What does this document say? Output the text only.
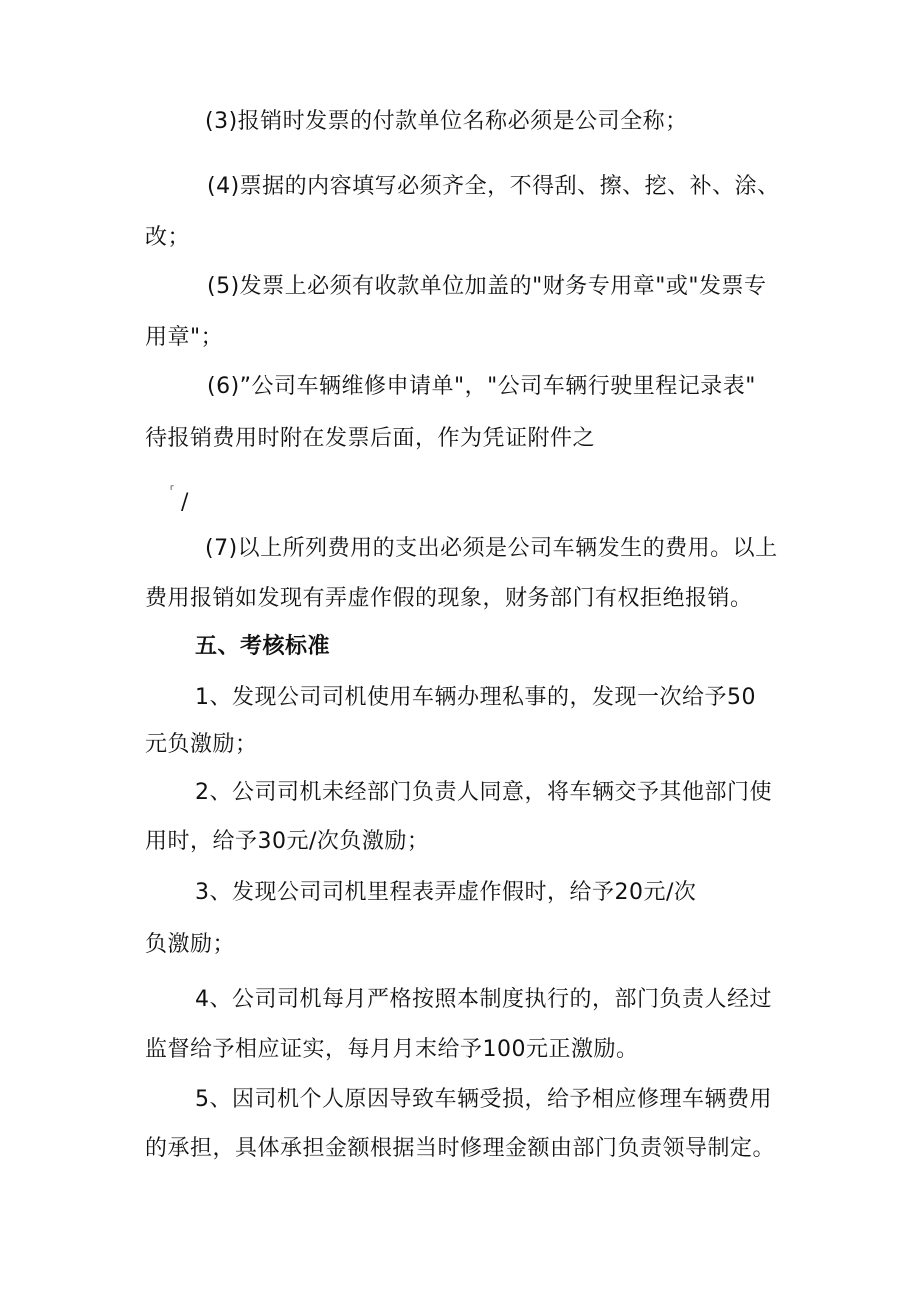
(3)报销时发票的付款单位名称必须是公司全称；
(4)票据的内容填写必须齐全，不得刮、擦、挖、补、涂、
改；
(5)发票上必须有收款单位加盖的"财务专用章"或"发票专
用章"；
(6)”公司车辆维修申请单"，"公司车辆行驶里程记录表"
待报销费用时附在发票后面，作为凭证附件之
г
/
(7)以上所列费用的支出必须是公司车辆发生的费用。以上
费用报销如发现有弄虚作假的现象，财务部门有权拒绝报销。
五、考核标准
1、发现公司司机使用车辆办理私事的，发现一次给予50
元负激励；
2、公司司机未经部门负责人同意，将车辆交予其他部门使
用时，给予30元/次负激励；
3、发现公司司机里程表弄虚作假时，给予20元/次
负激励；
4、公司司机每月严格按照本制度执行的，部门负责人经过
监督给予相应证实，每月月末给予100元正激励。
5、因司机个人原因导致车辆受损，给予相应修理车辆费用
的承担，具体承担金额根据当时修理金额由部门负责领导制定。
